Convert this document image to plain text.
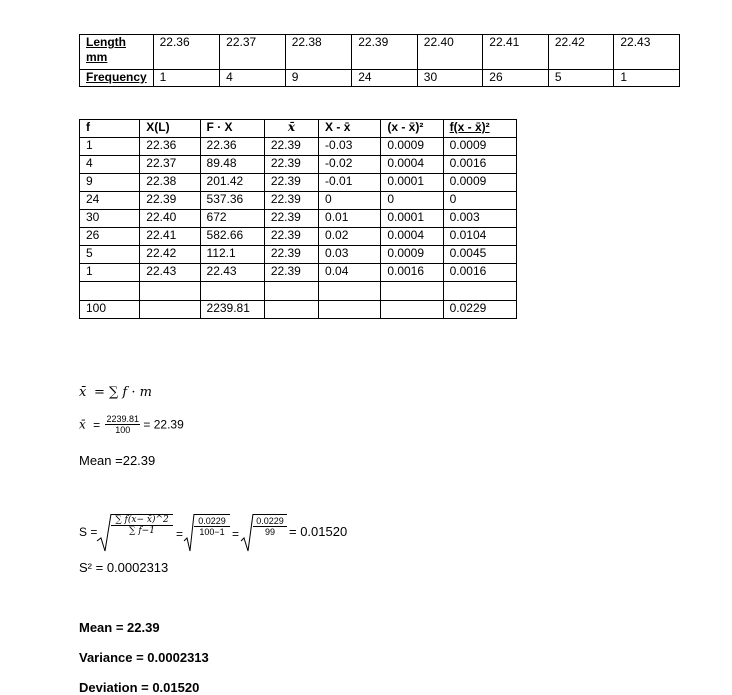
Length
mm	22.36	22.37	22.38	22.39	22.40	22.41	22.42	22.43
Frequency	1	4	9	24	30	26	5	1
f	X(L)	F · X	x̄	X - x̄	(x - x̄)²	f(x - x̄)²
1	22.36	22.36	22.39	-0.03	0.0009	0.0009
4	22.37	89.48	22.39	-0.02	0.0004	0.0016
9	22.38	201.42	22.39	-0.01	0.0001	0.0009
24	22.39	537.36	22.39	0	0	0
30	22.40	672	22.39	0.01	0.0001	0.003
26	22.41	582.66	22.39	0.02	0.0004	0.0104
5	22.42	112.1	22.39	0.03	0.0009	0.0045
1	22.43	22.43	22.39	0.04	0.0016	0.0016

100		2239.81				0.0229
x̄ = ∑ f · m
x̄ = $\frac{2239.81}{100} = 22.39$
Mean =22.39
$S = \frac{\sum f(x- x̄)\^{}2}{\sum f-1} = \frac{0.0229}{100-1} = \frac{0.0229}{99} = 0.01520$
S² = 0.0002313
Mean = 22.39
Variance = 0.0002313
Deviation = 0.01520
